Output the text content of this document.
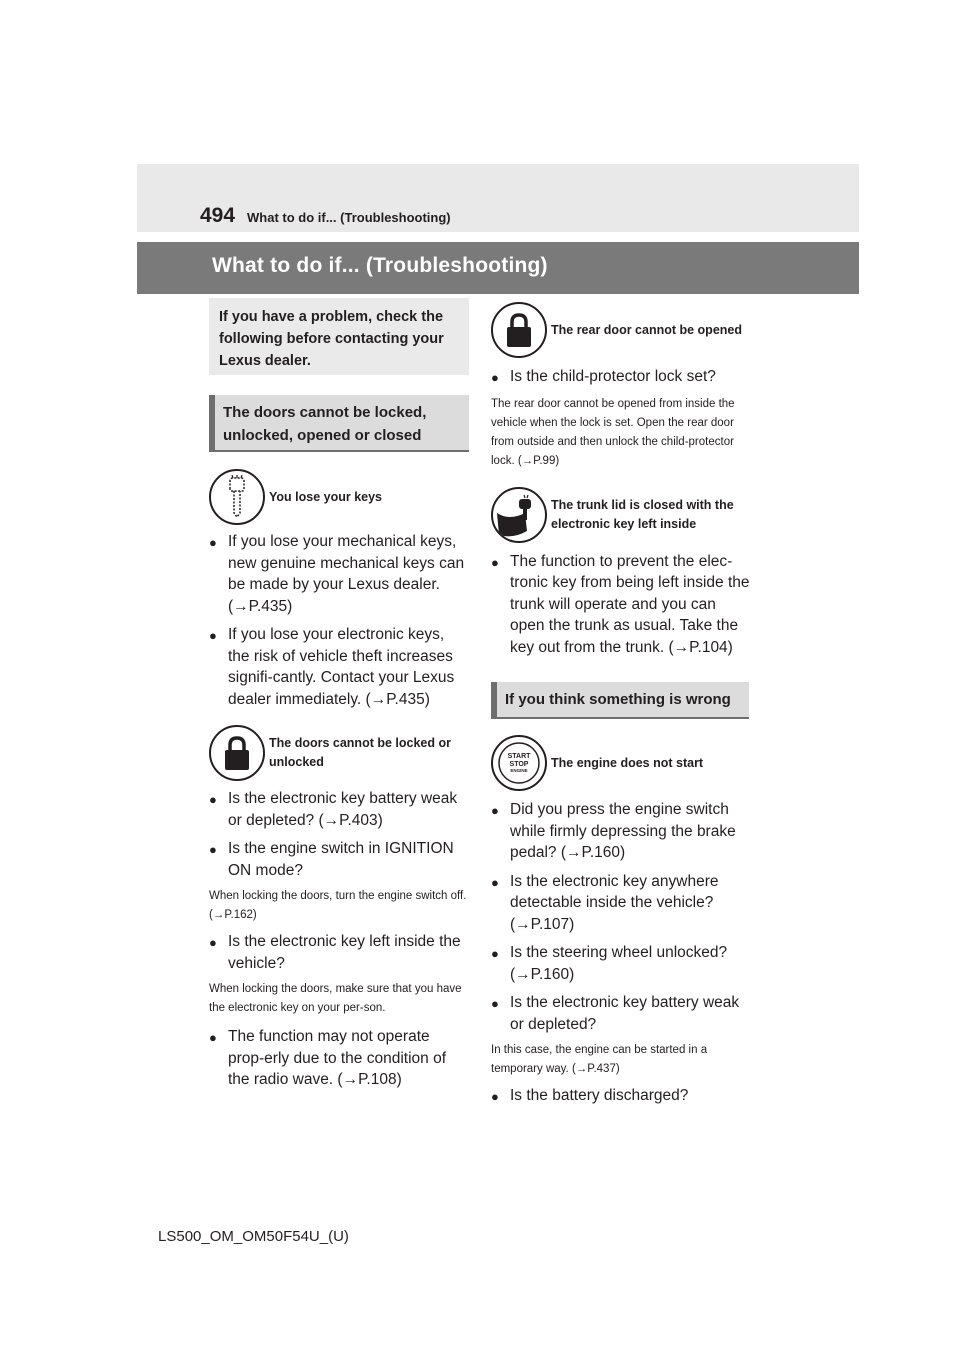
494 What to do if... (Troubleshooting)
What to do if... (Troubleshooting)
If you have a problem, check the following before contacting your Lexus dealer.
The doors cannot be locked, unlocked, opened or closed
You lose your keys
● If you lose your mechanical keys, new genuine mechanical keys can be made by your Lexus dealer. (→P.435)
● If you lose your electronic keys, the risk of vehicle theft increases signifi-cantly. Contact your Lexus dealer immediately. (→P.435)
The doors cannot be locked or unlocked
● Is the electronic key battery weak or depleted? (→P.403)
● Is the engine switch in IGNITION ON mode?
When locking the doors, turn the engine switch off. (→P.162)
● Is the electronic key left inside the vehicle?
When locking the doors, make sure that you have the electronic key on your per-son.
● The function may not operate prop-erly due to the condition of the radio wave. (→P.108)
The rear door cannot be opened
● Is the child-protector lock set?
The rear door cannot be opened from inside the vehicle when the lock is set. Open the rear door from outside and then unlock the child-protector lock. (→P.99)
The trunk lid is closed with the electronic key left inside
● The function to prevent the elec-tronic key from being left inside the trunk will operate and you can open the trunk as usual. Take the key out from the trunk. (→P.104)
If you think something is wrong
START
STOP
ENGINE
The engine does not start
● Did you press the engine switch while firmly depressing the brake pedal? (→P.160)
● Is the electronic key anywhere detectable inside the vehicle? (→P.107)
● Is the steering wheel unlocked? (→P.160)
● Is the electronic key battery weak or depleted?
In this case, the engine can be started in a temporary way. (→P.437)
● Is the battery discharged?
LS500_OM_OM50F54U_(U)
